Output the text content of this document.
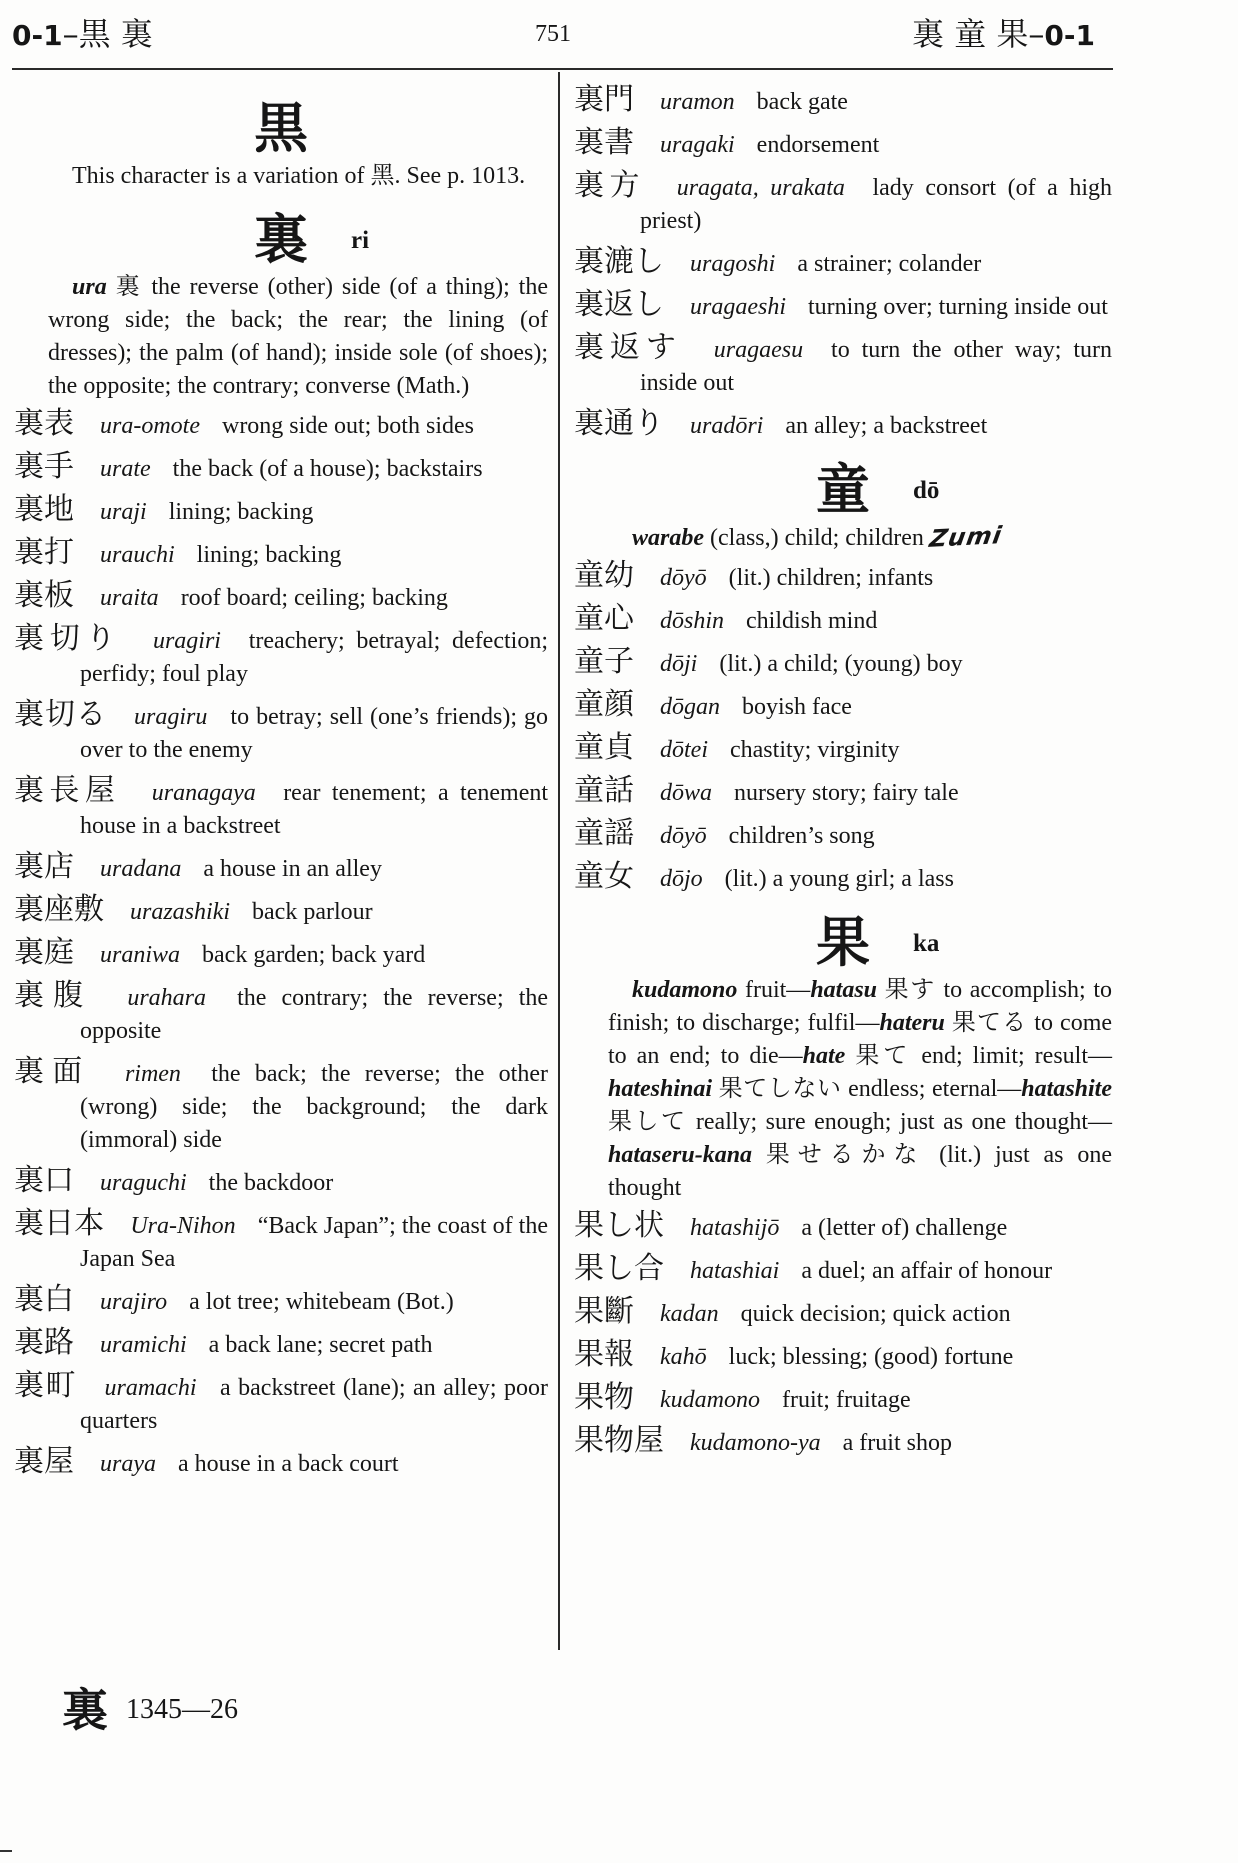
0-1–黒 裏	751	裏 童 果–0-1
黒

This character is a variation of 黑. See p. 1013.

裏 ri

ura 裏 the reverse (other) side (of a thing); the wrong side; the back; the rear; the lining (of dresses); the palm (of hand); inside sole (of shoes); the opposite; the contrary; converse (Math.)

裏表 ura-omote wrong side out; both sides
裏手 urate the back (of a house); backstairs
裏地 uraji lining; backing
裏打 urauchi lining; backing
裏板 uraita roof board; ceiling; backing
裏切り uragiri treachery; betrayal; defection; perfidy; foul play
裏切る uragiru to betray; sell (one’s friends); go over to the enemy
裏長屋 uranagaya rear tenement; a tenement house in a backstreet
裏店 uradana a house in an alley
裏座敷 urazashiki back parlour
裏庭 uraniwa back garden; back yard
裏腹 urahara the contrary; the reverse; the opposite
裏面 rimen the back; the reverse; the other (wrong) side; the background; the dark (immoral) side
裏口 uraguchi the backdoor
裏日本 Ura-Nihon “Back Japan”; the coast of the Japan Sea
裏白 urajiro a lot tree; whitebeam (Bot.)
裏路 uramichi a back lane; secret path
裏町 uramachi a backstreet (lane); an alley; poor quarters
裏屋 uraya a house in a back court
裏門 uramon back gate
裏書 uragaki endorsement
裏方 uragata, urakata lady consort (of a high priest)
裏漉し uragoshi a strainer; colander
裏返し uragaeshi turning over; turning inside out
裏返す uragaesu to turn the other way; turn inside out
裏通り uradōri an alley; a backstreet
童 dō

warabe (class,) child; children Zumi

童幼 dōyō (lit.) children; infants
童心 dōshin childish mind
童子 dōji (lit.) a child; (young) boy
童顔 dōgan boyish face
童貞 dōtei chastity; virginity
童話 dōwa nursery story; fairy tale
童謡 dōyō children’s song
童女 dōjo (lit.) a young girl; a lass
果 ka

kudamono fruit—hatasu 果す to accomplish; to finish; to discharge; fulfil—hateru 果てる to come to an end; to die—hate 果て end; limit; result—hateshinai 果てしない endless; eternal—hatashite 果して really; sure enough; just as one thought—hataseru-kana 果せるかな (lit.) just as one thought

果し状 hatashijō a (letter of) challenge
果し合 hatashiai a duel; an affair of honour
果斷 kadan quick decision; quick action
果報 kahō luck; blessing; (good) fortune
果物 kudamono fruit; fruitage
果物屋 kudamono-ya a fruit shop
裏 1345—26
